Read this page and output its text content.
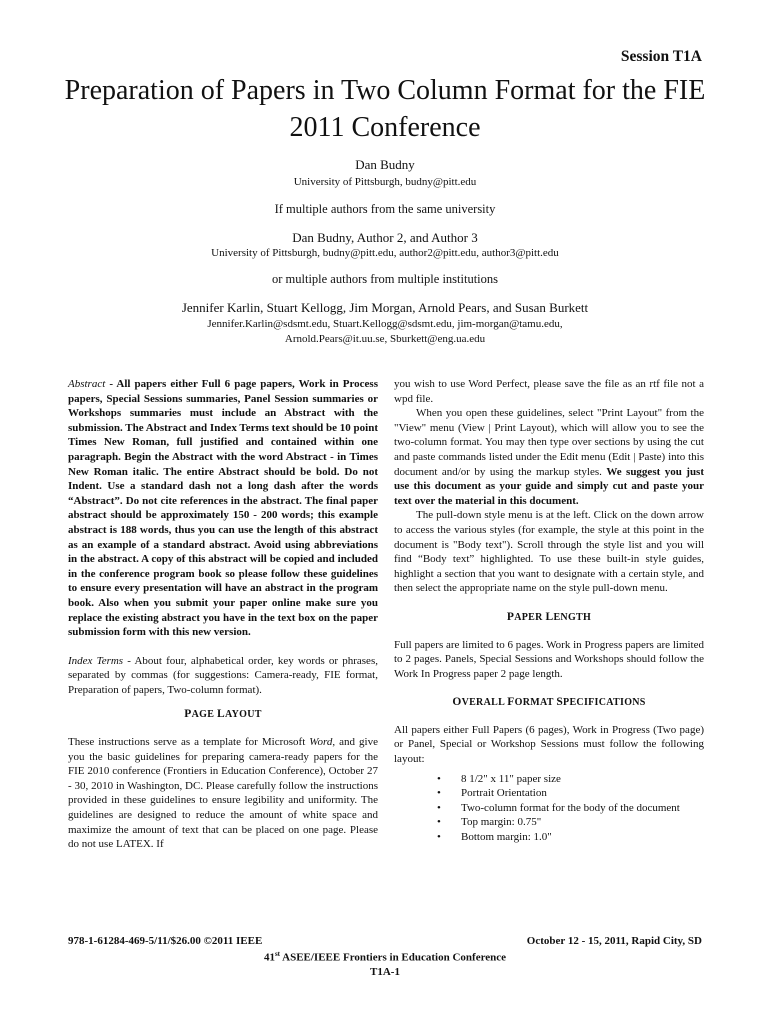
Session T1A
Preparation of Papers in Two Column Format for the FIE 2011 Conference
Dan Budny
University of Pittsburgh, budny@pitt.edu
If multiple authors from the same university
Dan Budny, Author 2, and Author 3
University of Pittsburgh, budny@pitt.edu, author2@pitt.edu, author3@pitt.edu
or multiple authors from multiple institutions
Jennifer Karlin, Stuart Kellogg, Jim Morgan, Arnold Pears, and Susan Burkett
Jennifer.Karlin@sdsmt.edu, Stuart.Kellogg@sdsmt.edu, jim-morgan@tamu.edu,
Arnold.Pears@it.uu.se, Sburkett@eng.ua.edu

Abstract - All papers either Full 6 page papers, Work in Process papers, Special Sessions summaries, Panel Session summaries or Workshops summaries must include an Abstract with the submission. The Abstract and Index Terms text should be 10 point Times New Roman, full justified and contained within one paragraph. Begin the Abstract with the word Abstract - in Times New Roman italic. The entire Abstract should be bold. Do not Indent. Use a standard dash not a long dash after the words “Abstract”. Do not cite references in the abstract. The final paper abstract should be approximately 150 - 200 words; this example abstract is 188 words, thus you can use the length of this abstract as an example of a standard abstract. Avoid using abbreviations in the abstract. A copy of this abstract will be copied and included in the conference program book so please follow these guidelines to ensure every presentation will have an abstract in the program book. Also when you submit your paper online make sure you replace the existing abstract you have in the text box on the paper submission form with this new version.

Index Terms - About four, alphabetical order, key words or phrases, separated by commas (for suggestions: Camera-ready, FIE format, Preparation of papers, Two-column format).

PAGE LAYOUT

These instructions serve as a template for Microsoft Word, and give you the basic guidelines for preparing camera-ready papers for the FIE 2010 conference (Frontiers in Education Conference), October 27 - 30, 2010 in Washington, DC. Please carefully follow the instructions provided in these guidelines to ensure legibility and uniformity. The guidelines are designed to reduce the amount of white space and maximize the amount of text that can be placed on one page. Please do not use LATEX. If

you wish to use Word Perfect, please save the file as an rtf file not a wpd file.

When you open these guidelines, select "Print Layout" from the "View" menu (View | Print Layout), which will allow you to see the two-column format. You may then type over sections by using the cut and paste commands listed under the Edit menu (Edit | Paste) into this document and/or by using the markup styles. We suggest you just use this document as your guide and simply cut and paste your text over the material in this document.

The pull-down style menu is at the left. Click on the down arrow to access the various styles (for example, the style at this point in the document is "Body text"). Scroll through the style list and you will find “Body text” highlighted. To use these built-in style guides, highlight a section that you want to designate with a certain style, and then select the appropriate name on the style pull-down menu.

PAPER LENGTH

Full papers are limited to 6 pages. Work in Progress papers are limited to 2 pages. Panels, Special Sessions and Workshops should follow the Work In Progress paper 2 page length.

OVERALL FORMAT SPECIFICATIONS

All papers either Full Papers (6 pages), Work in Progress (Two page) or Panel, Special or Workshop Sessions must follow the following layout:

• 8 1/2" x 11" paper size
• Portrait Orientation
• Two-column format for the body of the document
• Top margin: 0.75"
• Bottom margin: 1.0"
978-1-61284-469-5/11/$26.00 ©2011 IEEE	October 12 - 15, 2011, Rapid City, SD
41st ASEE/IEEE Frontiers in Education Conference
T1A-1
